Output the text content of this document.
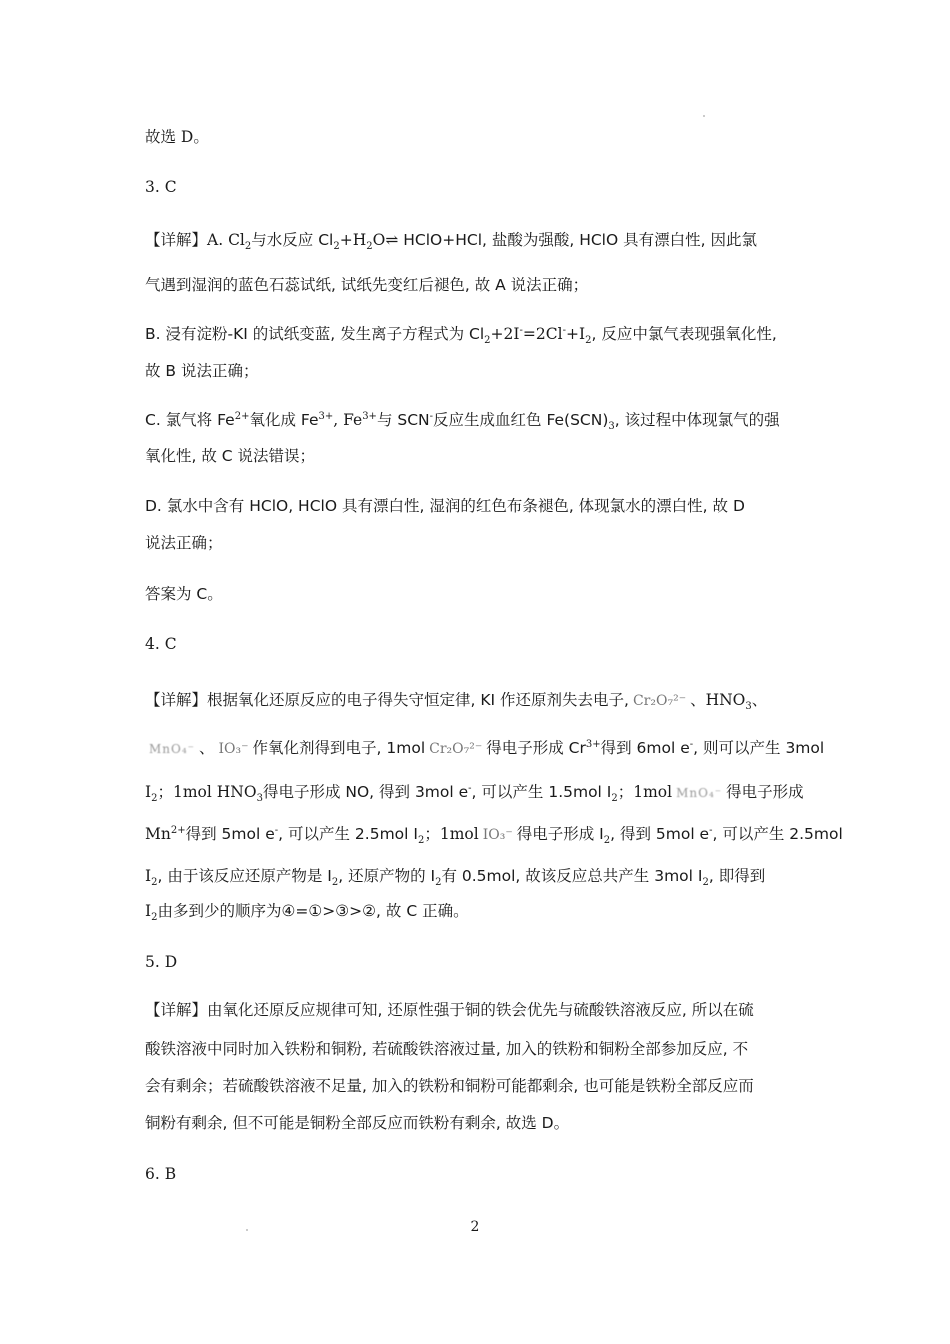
故选 D。
3. C
【详解】A. $Cl_2$与水反应 $Cl_2+H_2O\rightleftharpoons$ HClO+HCl, 盐酸为强酸, HClO 具有漂白性, 因此氯
气遇到湿润的蓝色石蕊试纸, 试纸先变红后褪色, 故 A 说法正确；
B. 浸有淀粉-KI 的试纸变蓝, 发生离子方程式为 $Cl_2+2I^-=2Cl^-+I_2$, 反应中氯气表现强氧化性,
故 B 说法正确；
C. 氯气将 $Fe^{2+}$氧化成 $Fe^{3+}$, $Fe^{3+}$与 SCN-反应生成血红色 $Fe(SCN)_3$, 该过程中体现氯气的强
氧化性, 故 C 说法错误；
D. 氯水中含有 HClO, HClO 具有漂白性, 湿润的红色布条褪色, 体现氯水的漂白性, 故 D
说法正确；
答案为 C。
4. C
【详解】根据氧化还原反应的电子得失守恒定律, KI 作还原剂失去电子, Cr₂O₇²⁻ 、$HNO_3$、
MnO₄⁻ 、 IO₃⁻ 作氧化剂得到电子, 1mol Cr₂O₇²⁻ 得电子形成 $Cr^{3+}$得到 6mol e-, 则可以产生 3mol
$I_2$；1mol $HNO_3$得电子形成 NO, 得到 3mol e-, 可以产生 1.5mol $I_2$；1mol MnO₄⁻ 得电子形成
$Mn^{2+}$得到 5mol e-, 可以产生 2.5mol $I_2$；1mol IO₃⁻ 得电子形成 $I_2$, 得到 5mol e-, 可以产生 2.5mol
$I_2$, 由于该反应还原产物是 $I_2$, 还原产物的 $I_2$有 0.5mol, 故该反应总共产生 3mol $I_2$, 即得到
$I_2$由多到少的顺序为④=①>③>②, 故 C 正确。
5. D
【详解】由氧化还原反应规律可知, 还原性强于铜的铁会优先与硫酸铁溶液反应, 所以在硫
酸铁溶液中同时加入铁粉和铜粉, 若硫酸铁溶液过量, 加入的铁粉和铜粉全部参加反应, 不
会有剩余；若硫酸铁溶液不足量, 加入的铁粉和铜粉可能都剩余, 也可能是铁粉全部反应而
铜粉有剩余, 但不可能是铜粉全部反应而铁粉有剩余, 故选 D。
6. B
2
